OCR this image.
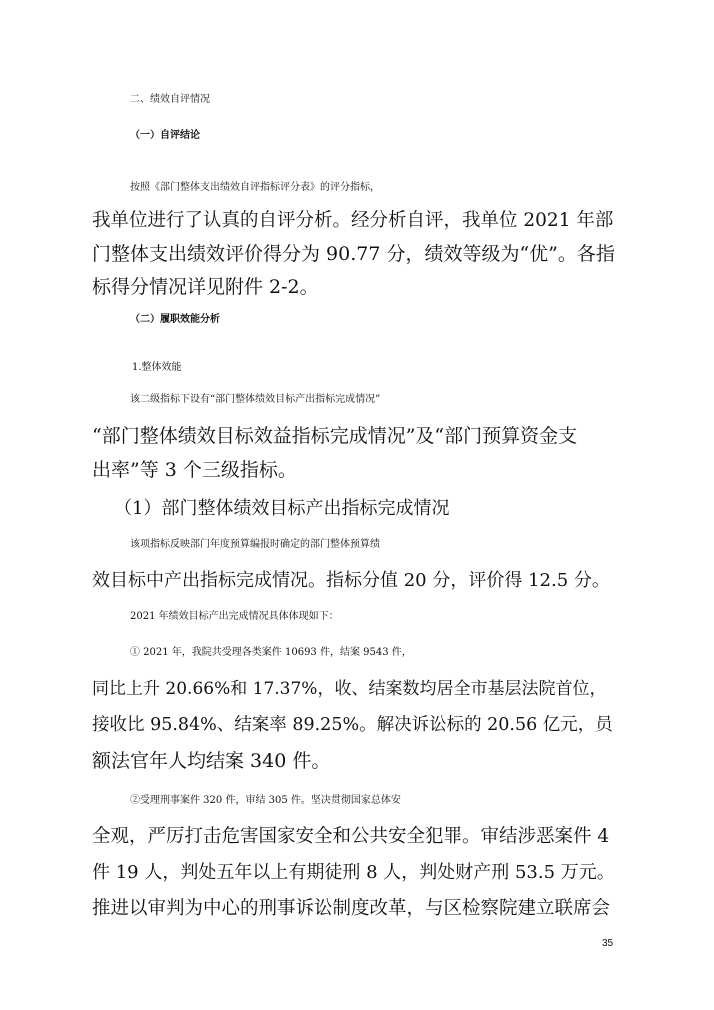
二、绩效自评情况
（一）自评结论
按照《部门整体支出绩效自评指标评分表》的评分指标，
我单位进行了认真的自评分析。经分析自评，我单位 2021 年部
门整体支出绩效评价得分为 90.77 分，绩效等级为“优”。各指
标得分情况详见附件 2-2。
（二）履职效能分析
1.整体效能
该二级指标下设有“部门整体绩效目标产出指标完成情况”
“部门整体绩效目标效益指标完成情况”及“部门预算资金支
出率”等 3 个三级指标。
（1）部门整体绩效目标产出指标完成情况
该项指标反映部门年度预算编报时确定的部门整体预算绩
效目标中产出指标完成情况。指标分值 20 分，评价得 12.5 分。
2021 年绩效目标产出完成情况具体体现如下：
① 2021 年，我院共受理各类案件 10693 件，结案 9543 件，
同比上升 20.66%和 17.37%，收、结案数均居全市基层法院首位，
接收比 95.84%、结案率 89.25%。解决诉讼标的 20.56 亿元，员
额法官年人均结案 340 件。
②受理刑事案件 320 件，审结 305 件。坚决贯彻国家总体安
全观，严厉打击危害国家安全和公共安全犯罪。审结涉恶案件 4
件 19 人，判处五年以上有期徒刑 8 人，判处财产刑 53.5 万元。
推进以审判为中心的刑事诉讼制度改革，与区检察院建立联席会
35
